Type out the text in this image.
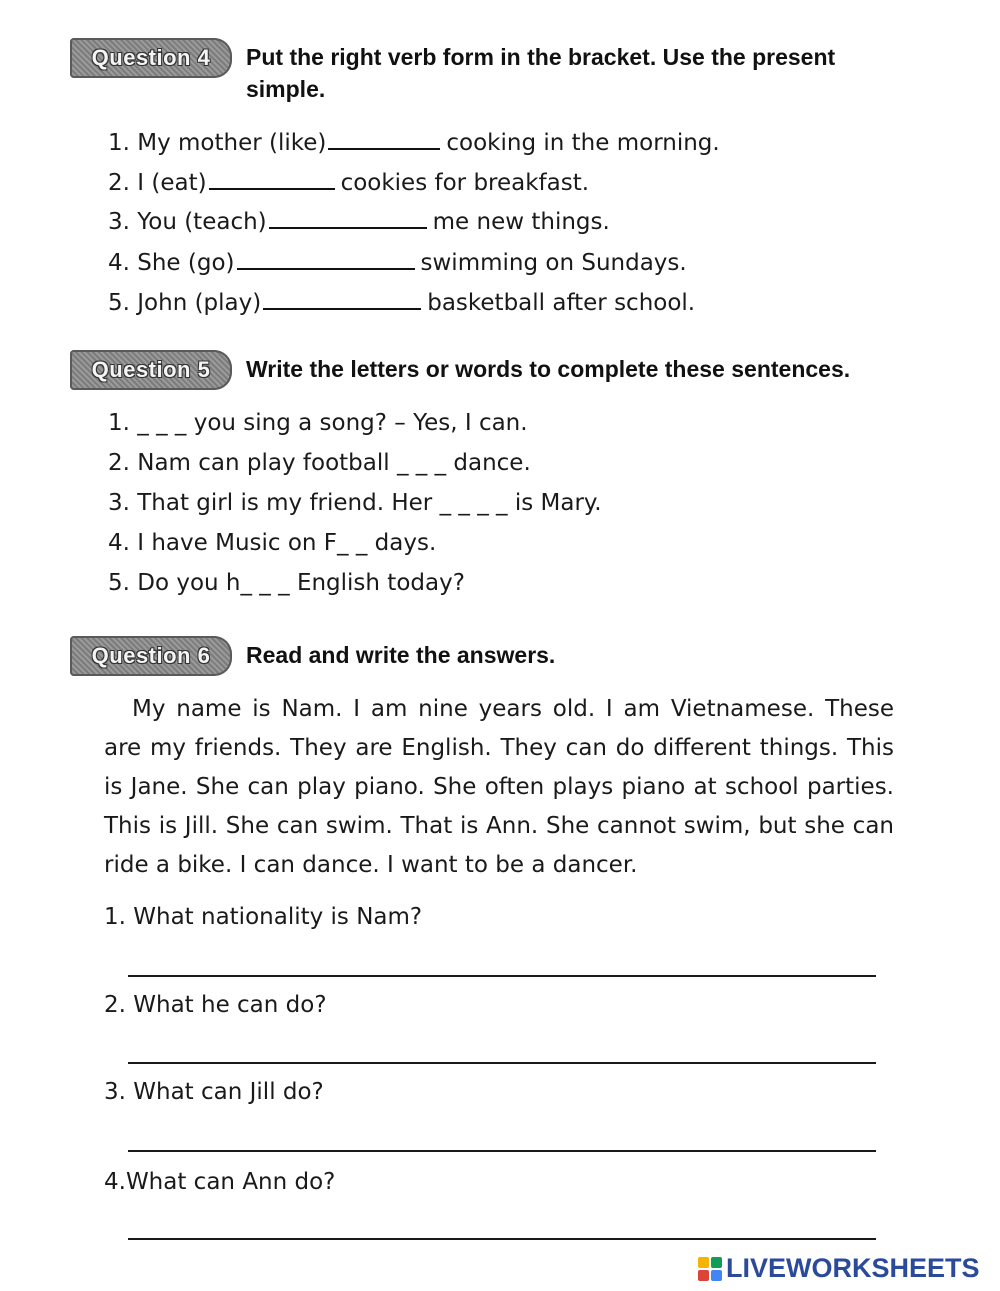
Question 4	Put the right verb form in the bracket. Use the present
simple.
1. My mother (like)	cooking in the morning.
2. I (eat)	cookies for breakfast.
3. You (teach)	me new things.
4. She (go)	swimming on Sundays.
5. John (play)	basketball after school.
Question 5	Write the letters or words to complete these sentences.
1. _ _ _
you sing a song? – Yes, I can.
2. Nam can play football _ _ _
dance.
3. That girl is my friend. Her _ _ _ _
is Mary.
4. I have Music on F_ _
days.
5. Do you h_ _ _
English today?
Question 6	Read and write the answers.
My name is Nam. I am nine years old. I am Vietnamese. These are my friends. They are English. They can do different things. This is Jane. She can play piano. She often plays piano at school parties. This is Jill. She can swim. That is Ann. She cannot swim, but she can ride a bike. I can dance. I want to be a dancer.
1. What nationality is Nam?
2. What he can do?
3. What can Jill do?
4.What can Ann do?
LIVEWORKSHEETS
